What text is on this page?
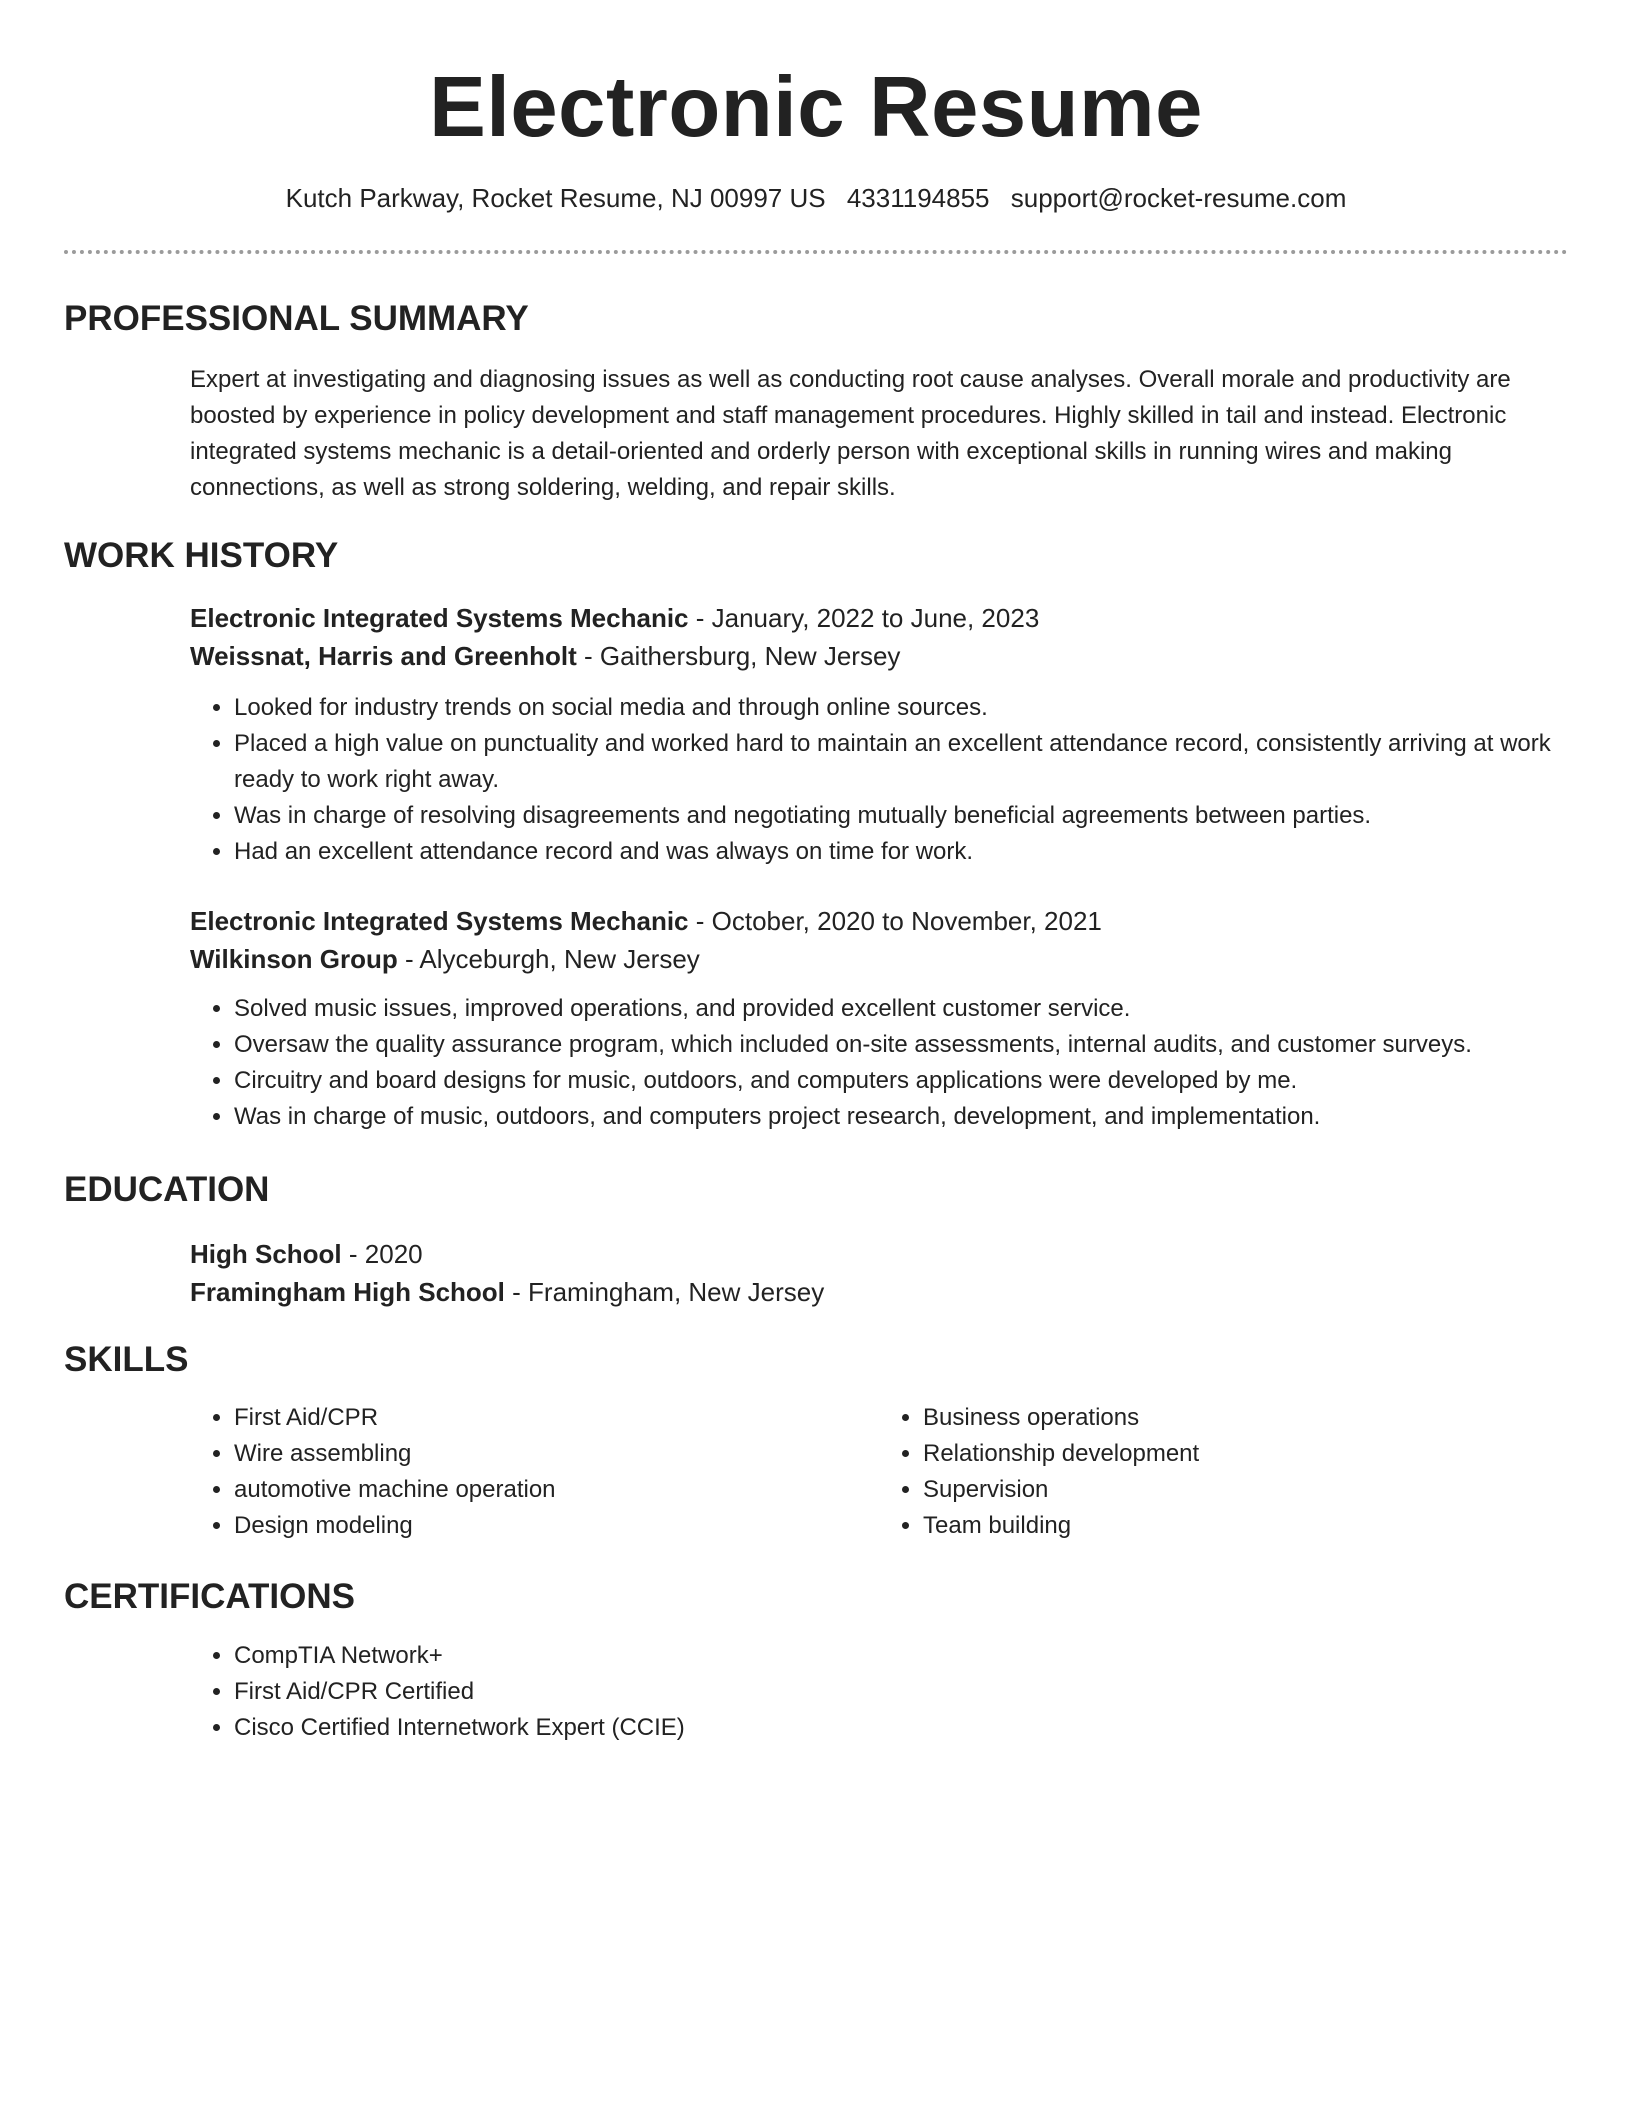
Electronic Resume
Kutch Parkway, Rocket Resume, NJ 00997 US 4331194855 support@rocket-resume.com
PROFESSIONAL SUMMARY

Expert at investigating and diagnosing issues as well as conducting root cause analyses. Overall morale and productivity are boosted by experience in policy development and staff management procedures. Highly skilled in tail and instead. Electronic integrated systems mechanic is a detail-oriented and orderly person with exceptional skills in running wires and making connections, as well as strong soldering, welding, and repair skills.

WORK HISTORY

Electronic Integrated Systems Mechanic - January, 2022 to June, 2023

Weissnat, Harris and Greenholt - Gaithersburg, New Jersey

• Looked for industry trends on social media and through online sources.
• Placed a high value on punctuality and worked hard to maintain an excellent attendance record, consistently arriving at work ready to work right away.
• Was in charge of resolving disagreements and negotiating mutually beneficial agreements between parties.
• Had an excellent attendance record and was always on time for work.

Electronic Integrated Systems Mechanic - October, 2020 to November, 2021

Wilkinson Group - Alyceburgh, New Jersey

• Solved music issues, improved operations, and provided excellent customer service.
• Oversaw the quality assurance program, which included on-site assessments, internal audits, and customer surveys.
• Circuitry and board designs for music, outdoors, and computers applications were developed by me.
• Was in charge of music, outdoors, and computers project research, development, and implementation.
EDUCATION

High School - 2020

Framingham High School - Framingham, New Jersey

SKILLS
• First Aid/CPR
• Wire assembling
• automotive machine operation
• Design modeling
• Business operations
• Relationship development
• Supervision
• Team building
CERTIFICATIONS
• CompTIA Network+
• First Aid/CPR Certified
• Cisco Certified Internetwork Expert (CCIE)
